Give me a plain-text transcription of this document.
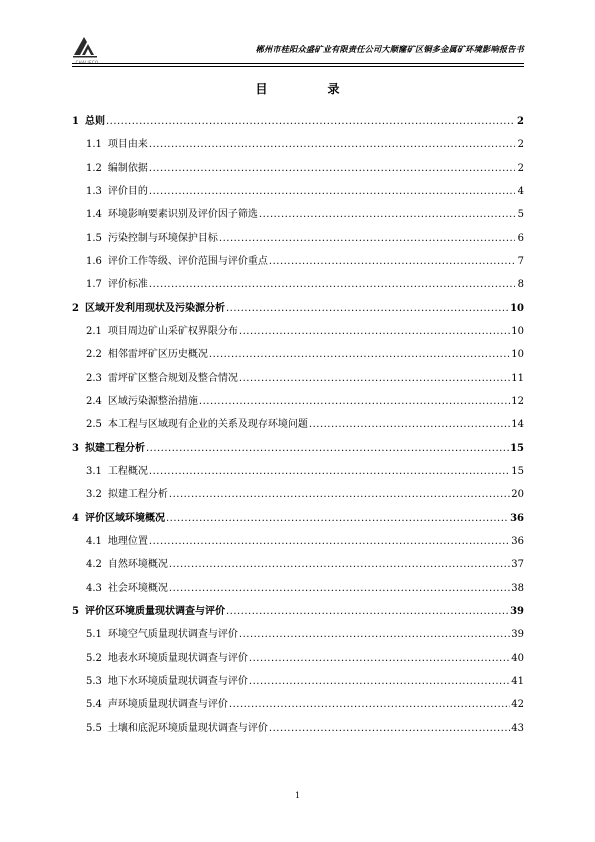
CHALIECO
郴州市桂阳众盛矿业有限责任公司大顺窿矿区铜多金属矿环境影响报告书
目　录
1 总则 .....	2
1.1 项目由来 .....	2
1.2 编制依据 .....	2
1.3 评价目的 .....	4
1.4 环境影响要素识别及评价因子筛选 .....	5
1.5 污染控制与环境保护目标 .....	6
1.6 评价工作等级、评价范围与评价重点 .....	7
1.7 评价标准 .....	8
2 区域开发利用现状及污染源分析 .....	10
2.1 项目周边矿山采矿权界限分布 .....	10
2.2 相邻雷坪矿区历史概况 .....	10
2.3 雷坪矿区整合规划及整合情况 .....	11
2.4 区域污染源整治措施 .....	12
2.5 本工程与区域现有企业的关系及现存环境问题 .....	14
3 拟建工程分析 .....	15
3.1 工程概况 .....	15
3.2 拟建工程分析 .....	20
4 评价区域环境概况 .....	36
4.1 地理位置 .....	36
4.2 自然环境概况 .....	37
4.3 社会环境概况 .....	38
5 评价区环境质量现状调查与评价 .....	39
5.1 环境空气质量现状调查与评价 .....	39
5.2 地表水环境质量现状调查与评价 .....	40
5.3 地下水环境质量现状调查与评价 .....	41
5.4 声环境质量现状调查与评价 .....	42
5.5 土壤和底泥环境质量现状调查与评价 .....	43
1
